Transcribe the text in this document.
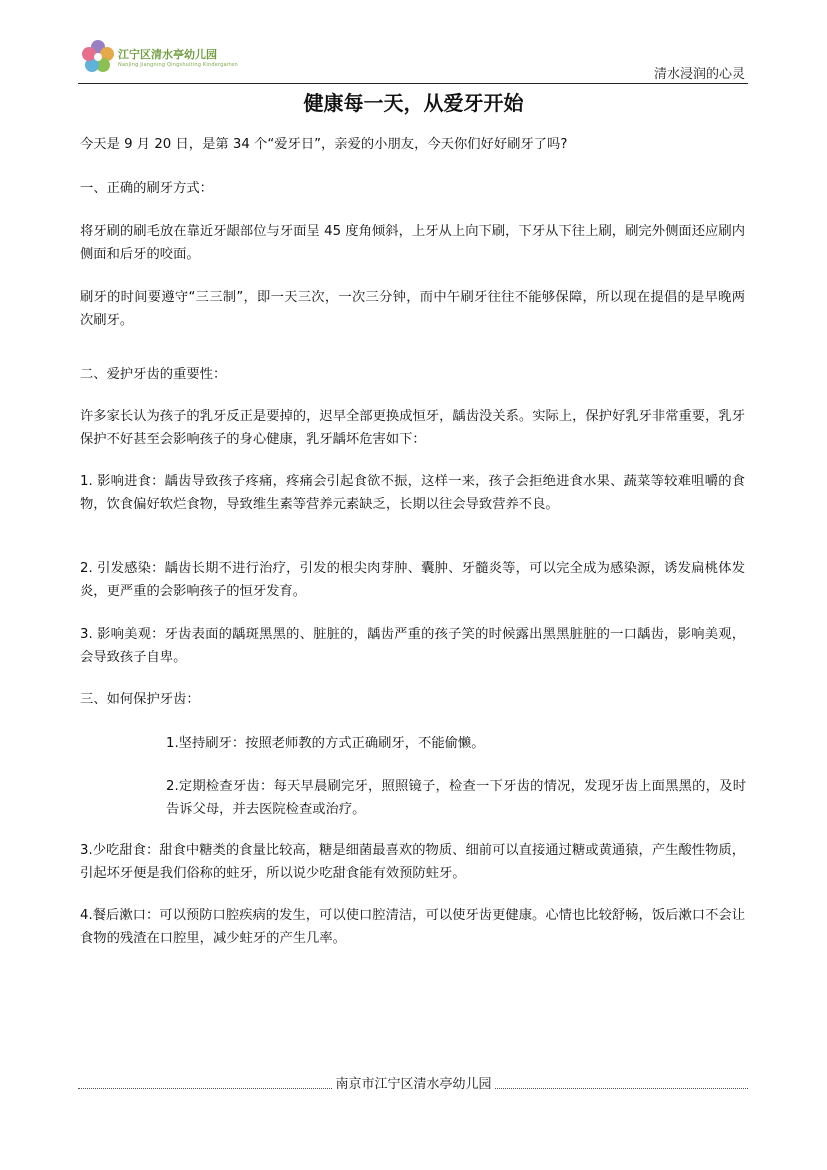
江宁区清水亭幼儿园
Nanjing Jiangning Qingshuiting Kindergarten
清水浸润的心灵
健康每一天，从爱牙开始
今天是 9 月 20 日，是第 34 个“爱牙日”，亲爱的小朋友，今天你们好好刷牙了吗?
一、正确的刷牙方式：
将牙刷的刷毛放在靠近牙龈部位与牙面呈 45 度角倾斜，上牙从上向下刷，下牙从下往上刷，刷完外侧面还应刷内侧面和后牙的咬面。
刷牙的时间要遵守“三三制”，即一天三次，一次三分钟，而中午刷牙往往不能够保障，所以现在提倡的是早晚两次刷牙。
二、爱护牙齿的重要性：
许多家长认为孩子的乳牙反正是要掉的，迟早全部更换成恒牙，龋齿没关系。实际上，保护好乳牙非常重要，乳牙保护不好甚至会影响孩子的身心健康，乳牙龋坏危害如下：
1. 影响进食：龋齿导致孩子疼痛，疼痛会引起食欲不振，这样一来，孩子会拒绝进食水果、蔬菜等较难咀嚼的食物，饮食偏好软烂食物，导致维生素等营养元素缺乏，长期以往会导致营养不良。
2. 引发感染：龋齿长期不进行治疗，引发的根尖肉芽肿、囊肿、牙髓炎等，可以完全成为感染源，诱发扁桃体发炎，更严重的会影响孩子的恒牙发育。
3. 影响美观：牙齿表面的龋斑黑黑的、脏脏的，龋齿严重的孩子笑的时候露出黑黑脏脏的一口龋齿，影响美观，会导致孩子自卑。
三、如何保护牙齿：
1.坚持刷牙：按照老师教的方式正确刷牙，不能偷懒。
2.定期检查牙齿：每天早晨刷完牙，照照镜子，检查一下牙齿的情况，发现牙齿上面黑黑的，及时告诉父母，并去医院检查或治疗。
3.少吃甜食：甜食中糖类的食量比较高，糖是细菌最喜欢的物质、细前可以直接通过糖或黄通猿，产生酸性物质，引起坏牙便是我们俗称的蛀牙，所以说少吃甜食能有效预防蛀牙。
4.餐后漱口：可以预防口腔疾病的发生，可以使口腔清洁，可以使牙齿更健康。心情也比较舒畅，饭后漱口不会让食物的残渣在口腔里，减少蛀牙的产生几率。
南京市江宁区清水亭幼儿园
